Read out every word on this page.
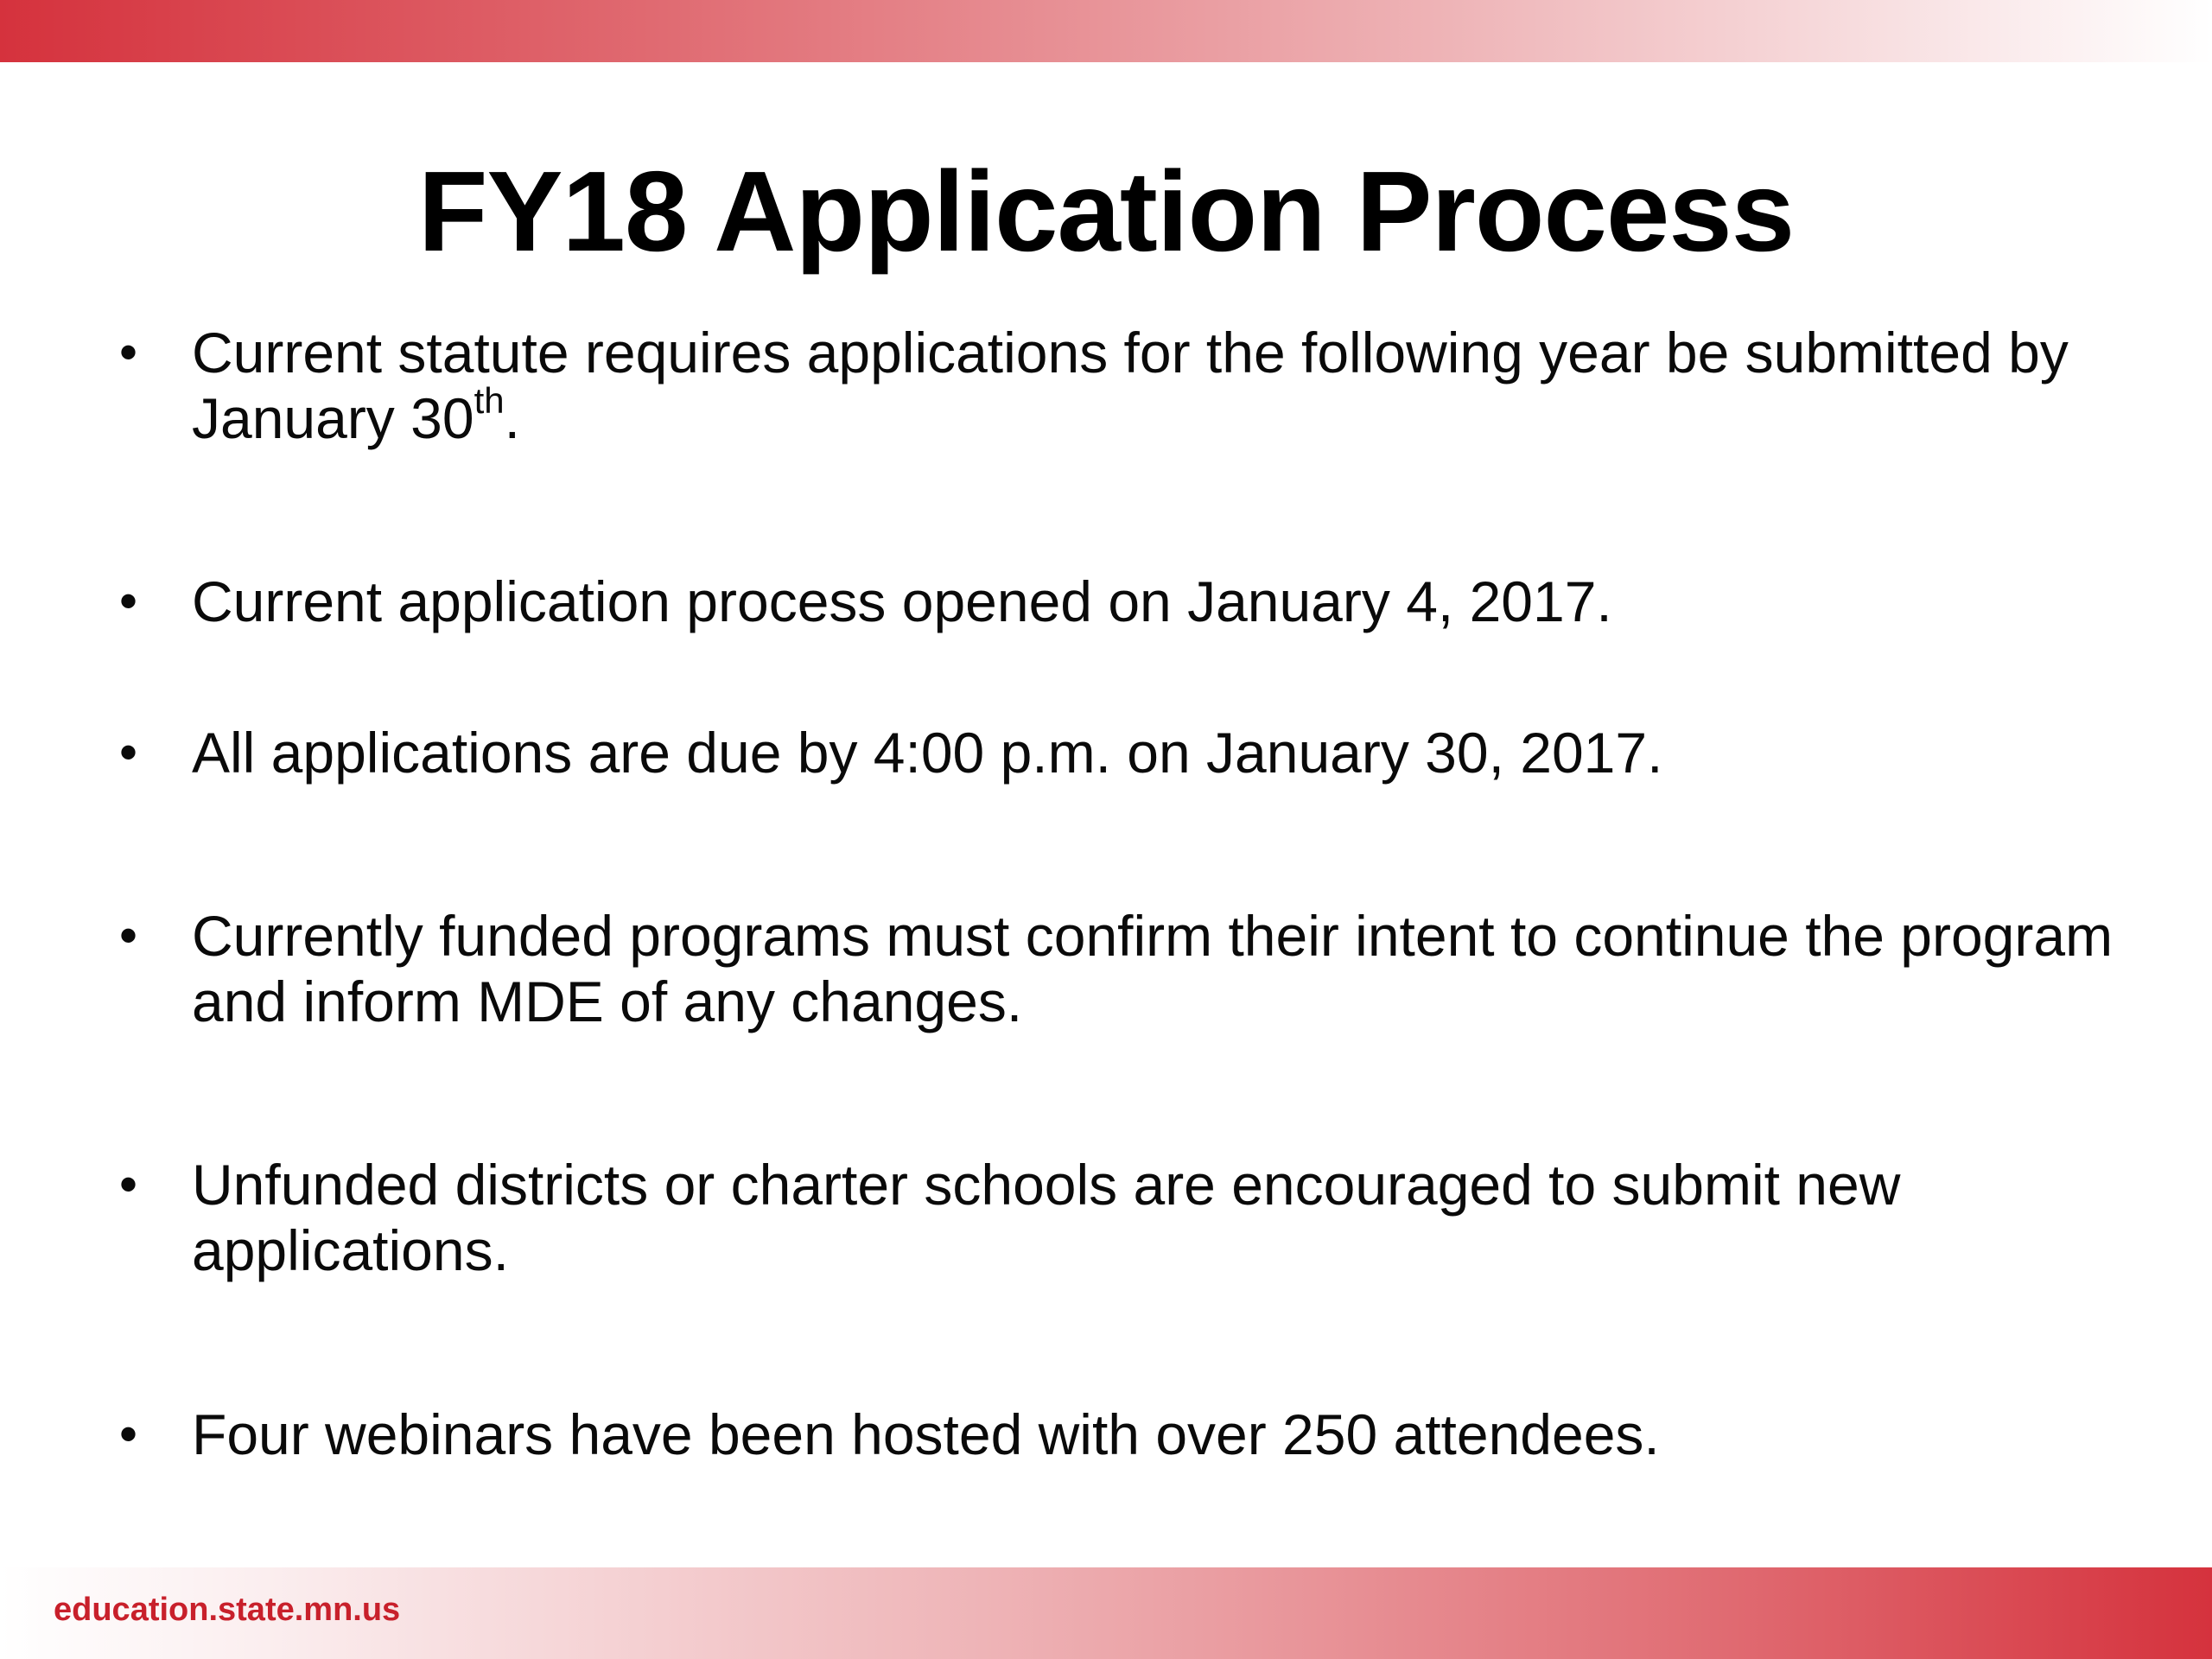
FY18 Application Process
• Current statute requires applications for the following year be submitted by January 30th.
• Current application process opened on January 4, 2017.
• All applications are due by 4:00 p.m. on January 30, 2017.
• Currently funded programs must confirm their intent to continue the program and inform MDE of any changes.
• Unfunded districts or charter schools are encouraged to submit new applications.
• Four webinars have been hosted with over 250 attendees.
education.state.mn.us
